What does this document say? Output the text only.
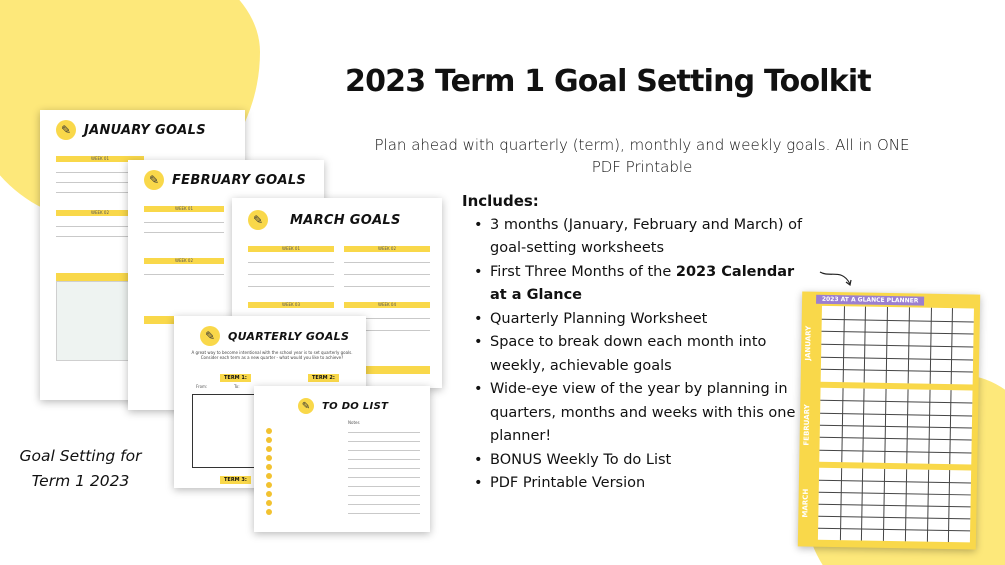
2023 Term 1 Goal Setting Toolkit

Plan ahead with quarterly (term), monthly and weekly goals. All in ONE PDF Printable

Includes:
• 3 months (January, February and March) of goal-setting worksheets
• First Three Months of the 2023 Calendar at a Glance
• Quarterly Planning Worksheet
• Space to break down each month into weekly, achievable goals
• Wide-eye view of the year by planning in quarters, months and weeks with this one planner!
• BONUS Weekly To do List
• PDF Printable Version
Goal Setting for
Term 1 2023
✎ JANUARY GOALS
WEEK 01
WEEK 02
✎ FEBRUARY GOALS
WEEK 01
WEEK 02
✎	MARCH GOALS
WEEK 01	WEEK 02
WEEK 03	WEEK 04
✎	QUARTERLY GOALS
A great way to become intentional with the school year is to set quarterly goals. Consider each term as a new quarter - what would you like to achieve?
TERM 1:	TERM 2:
From:	To:
TERM 3:
✎	TO DO LIST
Notes
2023 AT A GLANCE PLANNER
JANUARY
FEBRUARY
MARCH
